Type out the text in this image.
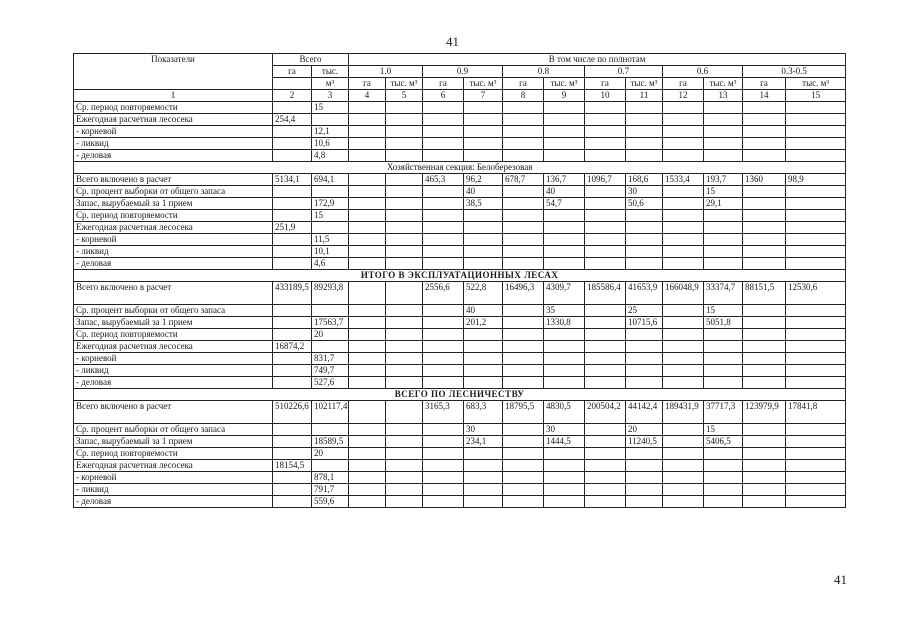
41
Показатели	Всего		В том числе по полнотам											
	га	тыс.	1.0		0.9		0.8		0.7		0.6		0.3-0.5	
		м³	га	тыс. м³	га	тыс. м³	га	тыс. м³	га	тыс. м³	га	тыс. м³	га	тыс. м³
1	2	3	4	5	6	7	8	9	10	11	12	13	14	15
Ср. период повторяемости		15												
Ежегодная расчетная лесосека	254,4													
- корневой		12,1												
- ликвид		10,6												
- деловая		4,8												
Хозяйственная секция: Белоберезовая														
Всего включено в расчет	5134,1	694,1			465,3	96,2	678,7	136,7	1096,7	168,6	1533,4	193,7	1360	98,9
Ср. процент выборки от общего запаса						40		40		30		15		
Запас, вырубаемый за 1 прием		172,9				38,5		54,7		50,6		29,1		
Ср. период повторяемости		15												
Ежегодная расчетная лесосека	251,9													
- корневой		11,5												
- ликвид		10,1												
- деловая		4,6												
ИТОГО В ЭКСПЛУАТАЦИОННЫХ ЛЕСАХ														
Всего включено в расчет	433189,5	89293,8			2556,6	522,8	16496,3	4309,7	185586,4	41653,9	166048,9	33374,7	88151,5	12530,6
Ср. процент выборки от общего запаса						40		35		25		15		
Запас, вырубаемый за 1 прием		17563,7				201,2		1330,8		10715,6		5051,8		
Ср. период повторяемости		20												
Ежегодная расчетная лесосека	16874,2													
- корневой		831,7												
- ликвид		749,7												
- деловая		527,6												
ВСЕГО ПО ЛЕСНИЧЕСТВУ														
Всего включено в расчет	510226,6	102117,4			3165,3	683,3	18795,5	4830,5	200504,2	44142,4	189431,9	37717,3	123979,9	17841,8
Ср. процент выборки от общего запаса						30		30		20		15		
Запас, вырубаемый за 1 прием		18589,5				234,1		1444,5		11240,5		5406,5		
Ср. период повторяемости		20												
Ежегодная расчетная лесосека	18154,5													
- корневой		878,1												
- ликвид		791,7												
- деловая		559,6												
41
